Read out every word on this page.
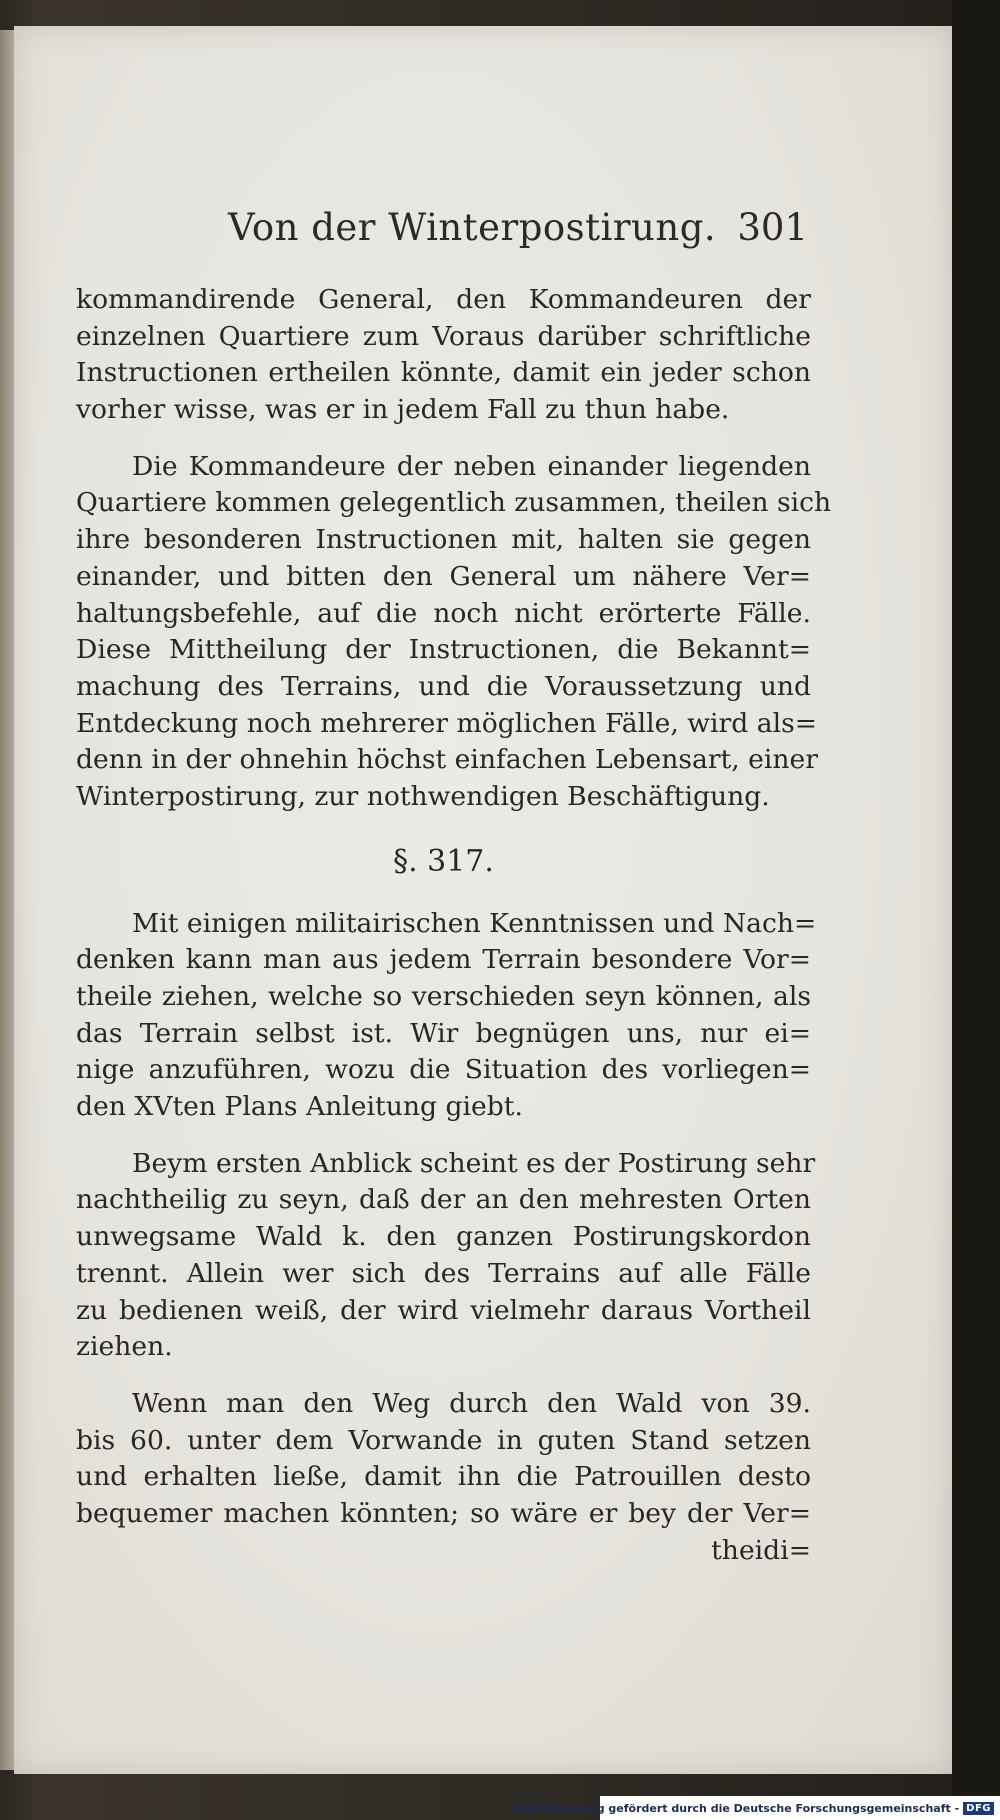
Von der Winterpostirung. 301
kommandirende General, den Kommandeuren der
einzelnen Quartiere zum Voraus darüber schriftliche
Instructionen ertheilen könnte, damit ein jeder schon
vorher wisse, was er in jedem Fall zu thun habe.
Die Kommandeure der neben einander liegenden
Quartiere kommen gelegentlich zusammen, theilen sich
ihre besonderen Instructionen mit, halten sie gegen
einander, und bitten den General um nähere Ver=
haltungsbefehle, auf die noch nicht erörterte Fälle.
Diese Mittheilung der Instructionen, die Bekannt=
machung des Terrains, und die Voraussetzung und
Entdeckung noch mehrerer möglichen Fälle, wird als=
denn in der ohnehin höchst einfachen Lebensart, einer
Winterpostirung, zur nothwendigen Beschäftigung.
§. 317.
Mit einigen militairischen Kenntnissen und Nach=
denken kann man aus jedem Terrain besondere Vor=
theile ziehen, welche so verschieden seyn können, als
das Terrain selbst ist. Wir begnügen uns, nur ei=
nige anzuführen, wozu die Situation des vorliegen=
den XVten Plans Anleitung giebt.
Beym ersten Anblick scheint es der Postirung sehr
nachtheilig zu seyn, daß der an den mehresten Orten
unwegsame Wald k. den ganzen Postirungskordon
trennt. Allein wer sich des Terrains auf alle Fälle
zu bedienen weiß, der wird vielmehr daraus Vortheil
ziehen.
Wenn man den Weg durch den Wald von 39.
bis 60. unter dem Vorwande in guten Stand setzen
und erhalten ließe, damit ihn die Patrouillen desto
bequemer machen könnten; so wäre er bey der Ver=
theidi=
Digitalisierung gefördert durch die Deutsche Forschungsgemeinschaft - DFG
